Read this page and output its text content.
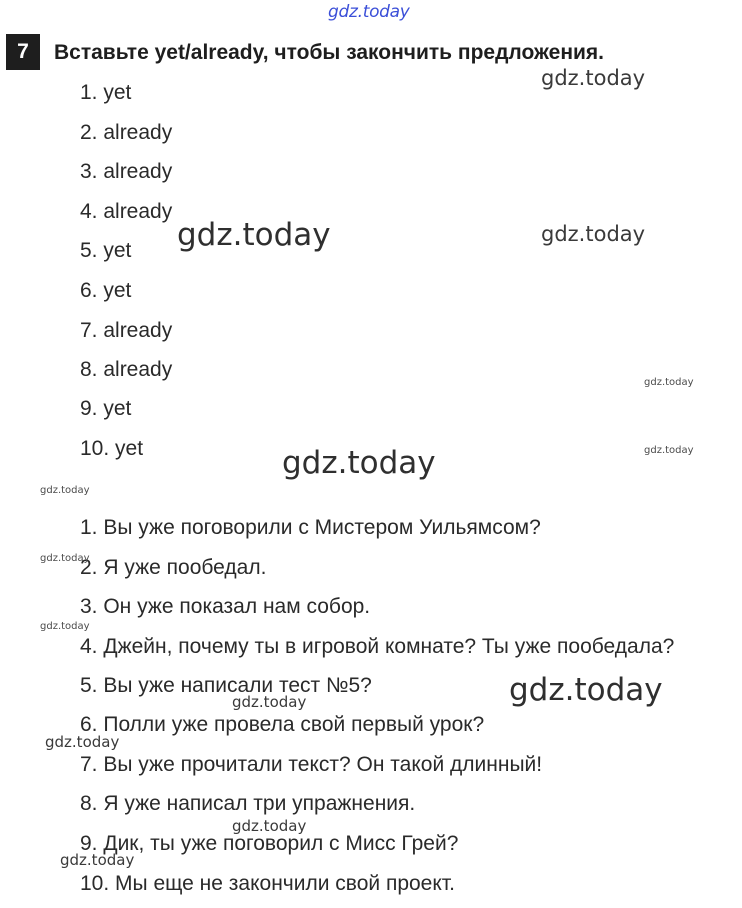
gdz.today
7	Вставьте yet/already, чтобы закончить предложения.
1. yet
2. already
3. already
4. already
5. yet
6. yet
7. already
8. already
9. yet
10. yet
1. Вы уже поговорили с Мистером Уильямсом?
2. Я уже пообедал.
3. Он уже показал нам собор.
4. Джейн, почему ты в игровой комнате? Ты уже пообедала?
5. Вы уже написали тест №5?
6. Полли уже провела свой первый урок?
7. Вы уже прочитали текст? Он такой длинный!
8. Я уже написал три упражнения.
9. Дик, ты уже поговорил с Мисс Грей?
10. Мы еще не закончили свой проект.
gdz.today
gdz.today	gdz.today
gdz.today
gdz.today
gdz.today
gdz.today
gdz.today
gdz.today
gdz.today
gdz.today
gdz.today
gdz.today
gdz.today
